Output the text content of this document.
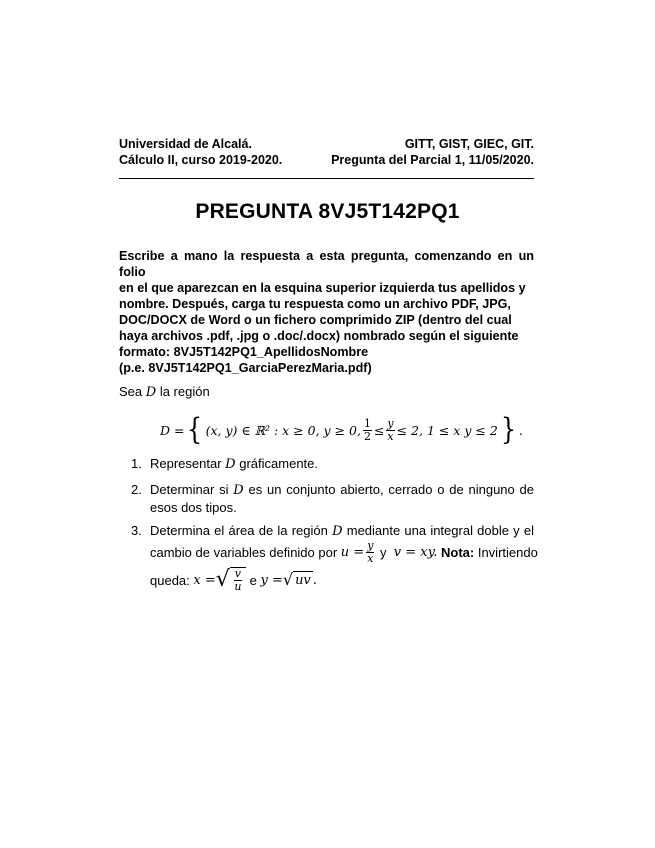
Universidad de Alcalá.	GITT, GIST, GIEC, GIT.
Cálculo II, curso 2019-2020.	Pregunta del Parcial 1, 11/05/2020.
PREGUNTA 8VJ5T142PQ1
Escribe a mano la respuesta a esta pregunta, comenzando en un folio
en el que aparezcan en la esquina superior izquierda tus apellidos y
nombre. Después, carga tu respuesta como un archivo PDF, JPG,
DOC/DOCX de Word o un fichero comprimido ZIP (dentro del cual
haya archivos .pdf, .jpg o .doc/.docx) nombrado según el siguiente
formato: 8VJ5T142PQ1_ApellidosNombre
(p.e. 8VJ5T142PQ1_GarciaPerezMaria.pdf)
Sea D la región
D = { (x, y) ∈ ℝ² : x ≥ 0, y ≥ 0, $\frac{1}{2} \le \frac{y}{x} \le 2$, 1 ≤ x y ≤ 2 } .
1. Representar D gráficamente.
2. Determinar si D es un conjunto abierto, cerrado o de ninguno de esos dos tipos.
3. Determina el área de la región D mediante una integral doble y el
cambio de variables definido por
$u = \frac{y}{x}$
y
v = xy.
Nota:
Invirtiendo
queda:
x = √ $\frac{v}{u}$
e
y = √ uv .
